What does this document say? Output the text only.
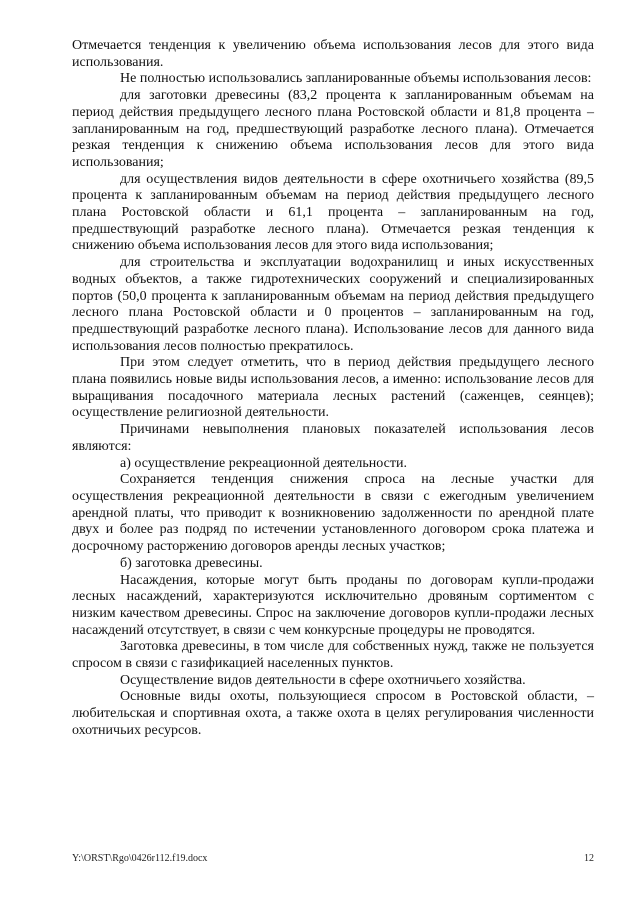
Отмечается тенденция к увеличению объема использования лесов для этого вида использования.

Не полностью использовались запланированные объемы использования лесов:

для заготовки древесины (83,2 процента к запланированным объемам на период действия предыдущего лесного плана Ростовской области и 81,8 процента – запланированным на год, предшествующий разработке лесного плана). Отмечается резкая тенденция к снижению объема использования лесов для этого вида использования;

для осуществления видов деятельности в сфере охотничьего хозяйства (89,5 процента к запланированным объемам на период действия предыдущего лесного плана Ростовской области и 61,1 процента – запланированным на год, предшествующий разработке лесного плана). Отмечается резкая тенденция к снижению объема использования лесов для этого вида использования;

для строительства и эксплуатации водохранилищ и иных искусственных водных объектов, а также гидротехнических сооружений и специализированных портов (50,0 процента к запланированным объемам на период действия предыдущего лесного плана Ростовской области и 0 процентов – запланированным на год, предшествующий разработке лесного плана). Использование лесов для данного вида использования лесов полностью прекратилось.

При этом следует отметить, что в период действия предыдущего лесного плана появились новые виды использования лесов, а именно: использование лесов для выращивания посадочного материала лесных растений (саженцев, сеянцев); осуществление религиозной деятельности.

Причинами невыполнения плановых показателей использования лесов являются:

а) осуществление рекреационной деятельности.

Сохраняется тенденция снижения спроса на лесные участки для осуществления рекреационной деятельности в связи с ежегодным увеличением арендной платы, что приводит к возникновению задолженности по арендной плате двух и более раз подряд по истечении установленного договором срока платежа и досрочному расторжению договоров аренды лесных участков;

б) заготовка древесины.

Насаждения, которые могут быть проданы по договорам купли-продажи лесных насаждений, характеризуются исключительно дровяным сортиментом с низким качеством древесины. Спрос на заключение договоров купли-продажи лесных насаждений отсутствует, в связи с чем конкурсные процедуры не проводятся.

Заготовка древесины, в том числе для собственных нужд, также не пользуется спросом в связи с газификацией населенных пунктов.

Осуществление видов деятельности в сфере охотничьего хозяйства.

Основные виды охоты, пользующиеся спросом в Ростовской области, – любительская и спортивная охота, а также охота в целях регулирования численности охотничьих ресурсов.

Y:\ORST\Rgo\0426r112.f19.docx	12
